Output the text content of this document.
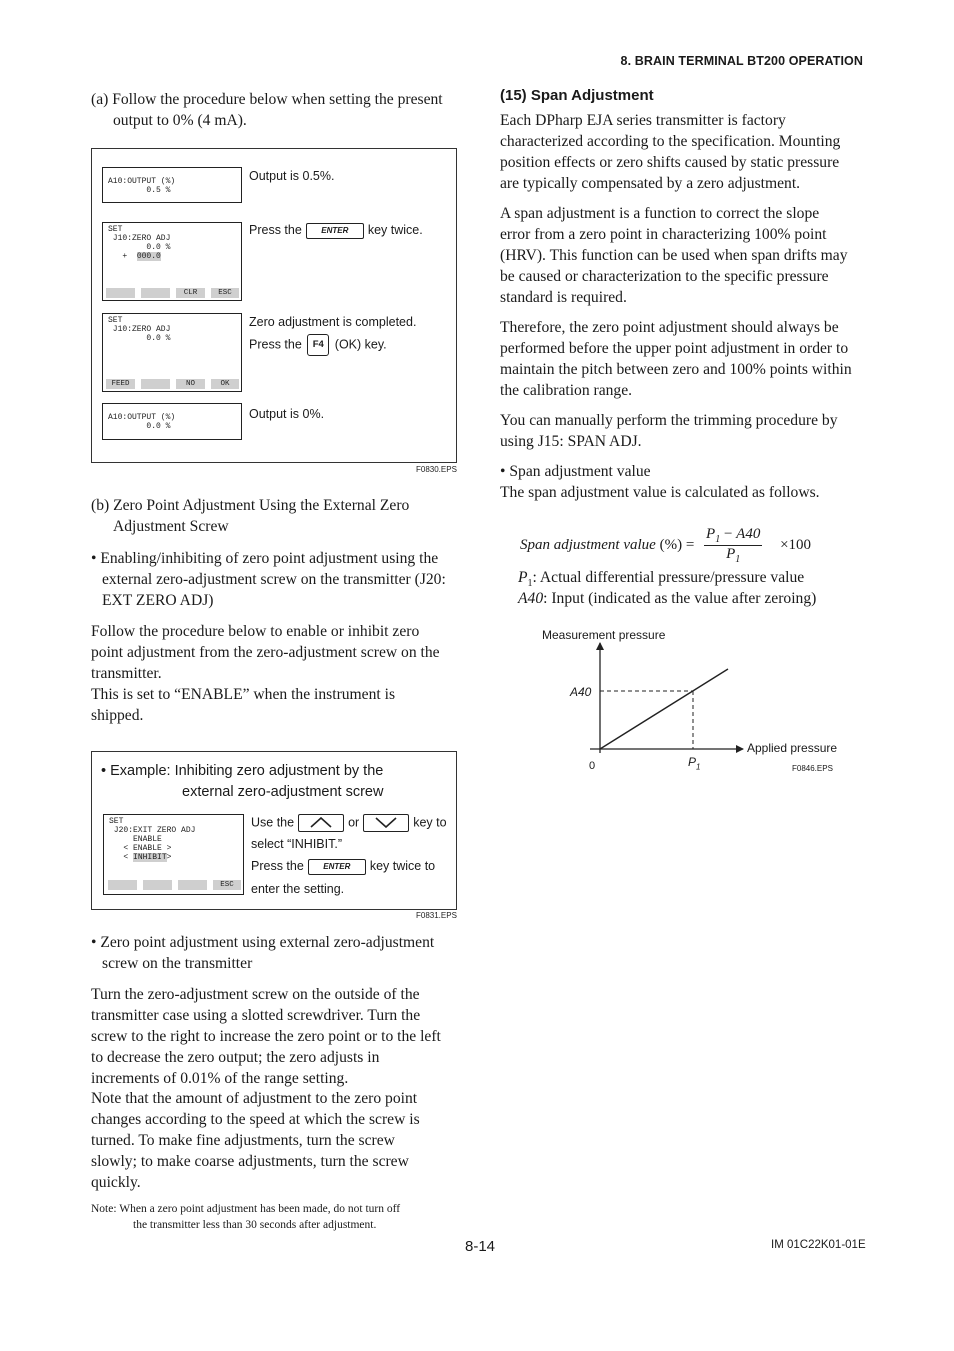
8. BRAIN TERMINAL BT200 OPERATION

(a) Follow the procedure below when setting the present output to 0% (4 mA).

A10:OUTPUT (%)
0.5 %
SET
J10:ZERO ADJ
0.0 %
+  000.0
CLR	ESC
SET
J10:ZERO ADJ
0.0 %
FEED	NO	OK
A10:OUTPUT (%)
0.0 %
Output is 0.5%.
Press the ENTER key twice.
Zero adjustment is completed.
Press the F4 (OK) key.
Output is 0%.
F0830.EPS

(b) Zero Point Adjustment Using the External Zero Adjustment Screw

• Enabling/inhibiting of zero point adjustment using the external zero-adjustment screw on the transmitter (J20: EXT ZERO ADJ)

Follow the procedure below to enable or inhibit zero point adjustment from the zero-adjustment screw on the transmitter.

This is set to “ENABLE” when the instrument is shipped.

• Example: Inhibiting zero adjustment by the
external zero-adjustment screw
SET
J20:EXIT ZERO ADJ
ENABLE
< ENABLE >
< INHIBIT>
ESC
Use the	or	key to
select “INHIBIT.”
Press the ENTER key twice to
enter the setting.
F0831.EPS

• Zero point adjustment using external zero-adjustment screw on the transmitter

Turn the zero-adjustment screw on the outside of the transmitter case using a slotted screwdriver. Turn the screw to the right to increase the zero point or to the left to decrease the zero output; the zero adjusts in increments of 0.01% of the range setting.

Note that the amount of adjustment to the zero point changes according to the speed at which the screw is turned. To make fine adjustments, turn the screw slowly; to make coarse adjustments, turn the screw quickly.

Note: When a zero point adjustment has been made, do not turn off
the transmitter less than 30 seconds after adjustment.
(15) Span Adjustment

Each DPharp EJA series transmitter is factory characterized according to the specification. Mounting position effects or zero shifts caused by static pressure are typically compensated by a zero adjustment.

A span adjustment is a function to correct the slope error from a zero point in characterizing 100% point (HRV). This function can be used when span drifts may be caused or characterization to the specific pressure standard is required.

Therefore, the zero point adjustment should always be performed before the upper point adjustment in order to maintain the pitch between zero and 100% points within the calibration range.

You can manually perform the trimming procedure by using J15: SPAN ADJ.

• Span adjustment value
The span adjustment value is calculated as follows.
Span adjustment value (%) = $\frac{P_1 - A40}{P_1} \times 100$
$P_1$: Actual differential pressure/pressure value
A40: Input (indicated as the value after zeroing)
Measurement pressure
Applied pressure
A40
0	$P_1$	F0846.EPS
8-14	IM 01C22K01-01E
